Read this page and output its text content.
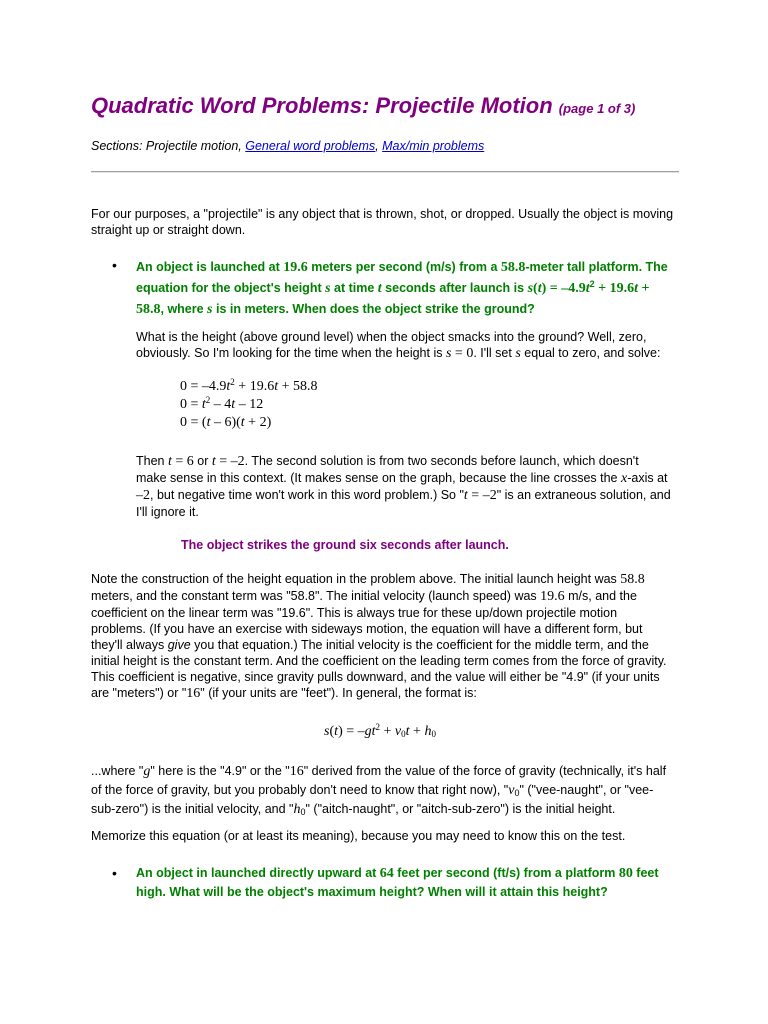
Quadratic Word Problems: Projectile Motion (page 1 of 3)
Sections: Projectile motion, General word problems, Max/min problems
For our purposes, a "projectile" is any object that is thrown, shot, or dropped. Usually the object is moving
straight up or straight down.
•	An object is launched at 19.6 meters per second (m/s) from a 58.8-meter tall platform. The
equation for the object's height s at time t seconds after launch is $s(t) = -4.9t^2 + 19.6t$ +
58.8, where s is in meters. When does the object strike the ground?
What is the height (above ground level) when the object smacks into the ground? Well, zero,
obviously. So I'm looking for the time when the height is s = 0. I'll set s equal to zero, and solve:
$0 = -4.9t^2 + 19.6t + 58.8$
$0 = t^2 - 4t - 12$
0 = (t – 6)(t + 2)
Then t = 6 or t = –2. The second solution is from two seconds before launch, which doesn't
make sense in this context. (It makes sense on the graph, because the line crosses the x-axis at
–2, but negative time won't work in this word problem.) So "t = –2" is an extraneous solution, and
I'll ignore it.
The object strikes the ground six seconds after launch.
Note the construction of the height equation in the problem above. The initial launch height was 58.8
meters, and the constant term was "58.8". The initial velocity (launch speed) was 19.6 m/s, and the
coefficient on the linear term was "19.6". This is always true for these up/down projectile motion
problems. (If you have an exercise with sideways motion, the equation will have a different form, but
they'll always give you that equation.) The initial velocity is the coefficient for the middle term, and the
initial height is the constant term. And the coefficient on the leading term comes from the force of gravity.
This coefficient is negative, since gravity pulls downward, and the value will either be "4.9" (if your units
are "meters") or "16" (if your units are "feet"). In general, the format is:
$s(t) = -gt^2 + v_0t + h_0$
...where "g" here is the "4.9" or the "16" derived from the value of the force of gravity (technically, it's half
of the force of gravity, but you probably don't need to know that right now), "$v_0$" ("vee-naught", or "vee-
sub-zero") is the initial velocity, and "$h_0$" ("aitch-naught", or "aitch-sub-zero") is the initial height.
Memorize this equation (or at least its meaning), because you may need to know this on the test.
•	An object in launched directly upward at 64 feet per second (ft/s) from a platform 80 feet
high. What will be the object's maximum height? When will it attain this height?
